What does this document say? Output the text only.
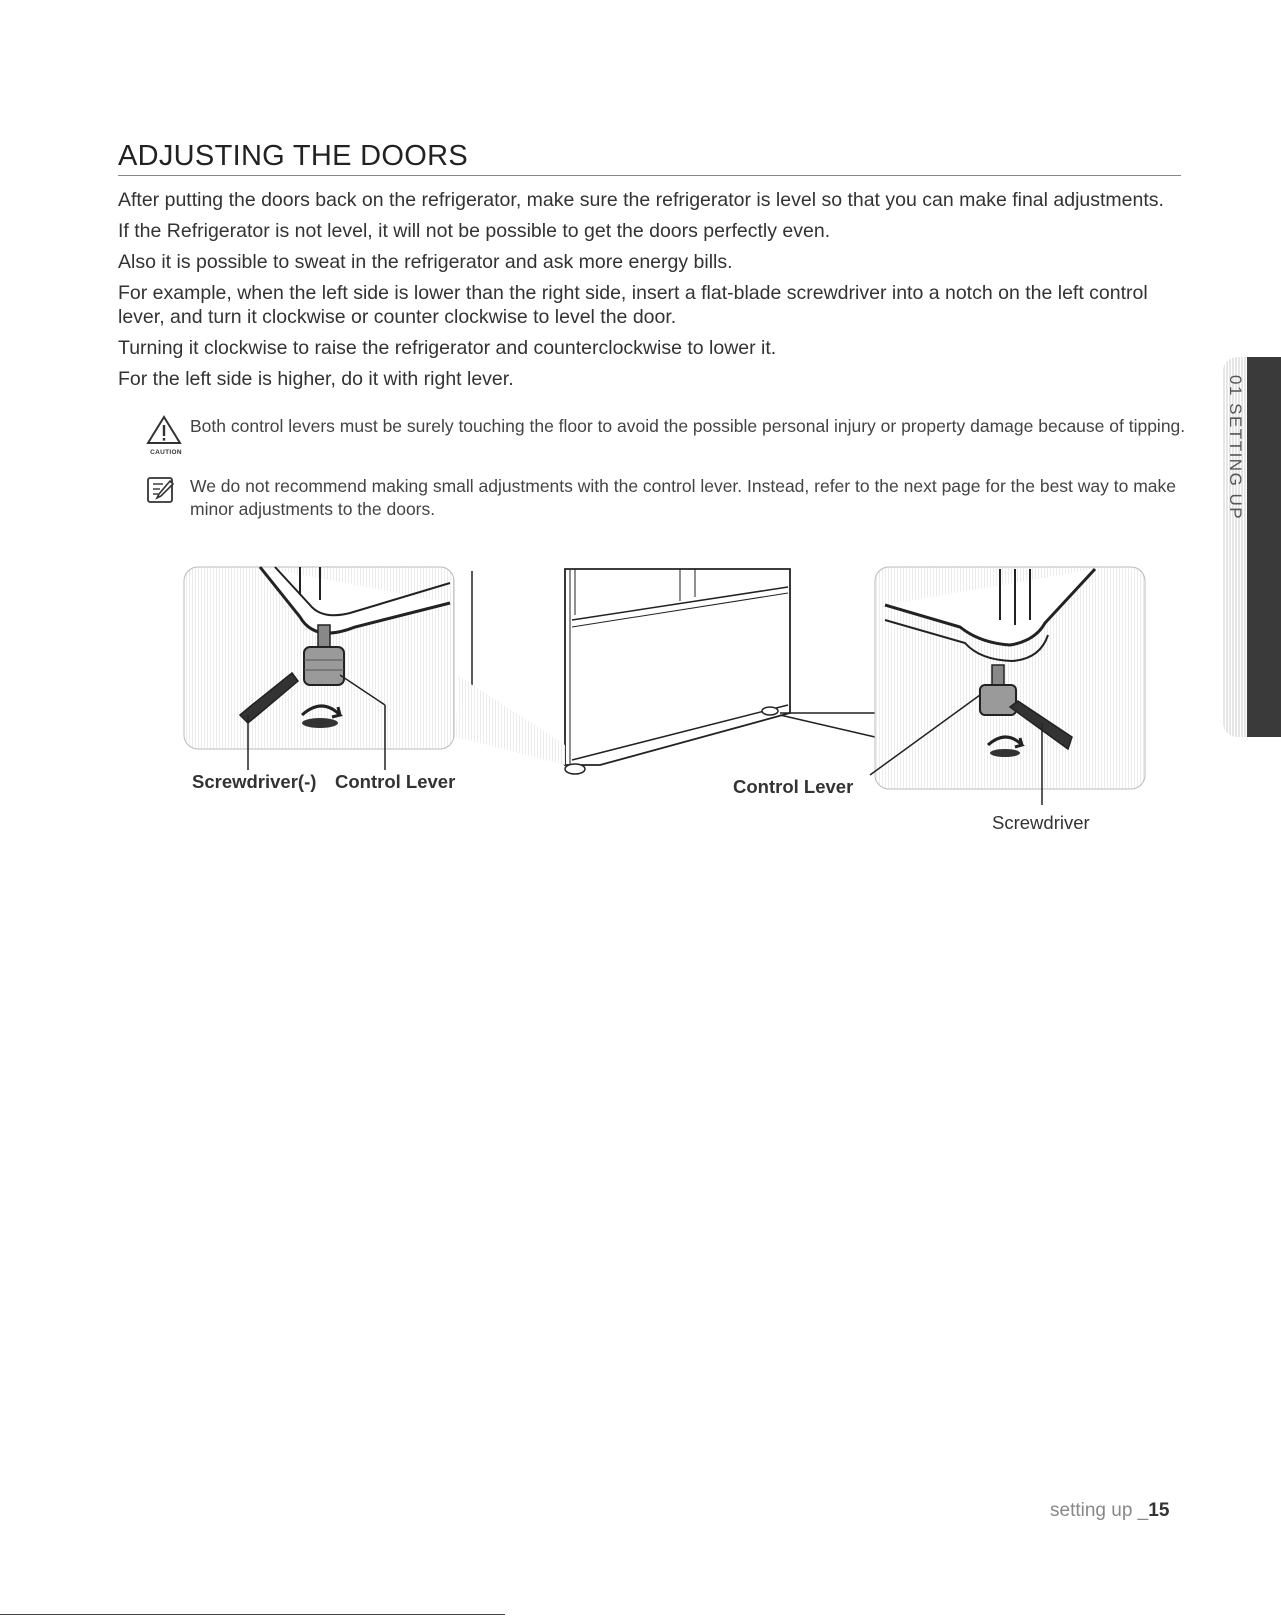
ADJUSTING THE DOORS

After putting the doors back on the refrigerator, make sure the refrigerator is level so that you can make final adjustments.

If the Refrigerator is not level, it will not be possible to get the doors perfectly even.

Also it is possible to sweat in the refrigerator and ask more energy bills.

For example, when the left side is lower than the right side, insert a flat-blade screwdriver into a notch on the left control lever, and turn it clockwise or counter clockwise to level the door.

Turning it clockwise to raise the refrigerator and counterclockwise to lower it.

For the left side is higher, do it with right lever.

CAUTION
Both control levers must be surely touching the floor to avoid the possible personal injury or property damage because of tipping.
We do not recommend making small adjustments with the control lever. Instead, refer to the next page for the best way to make minor adjustments to the doors.	01 SETTING UP
Screwdriver(-) Control Lever	Control Lever
Screwdriver
setting up _15
